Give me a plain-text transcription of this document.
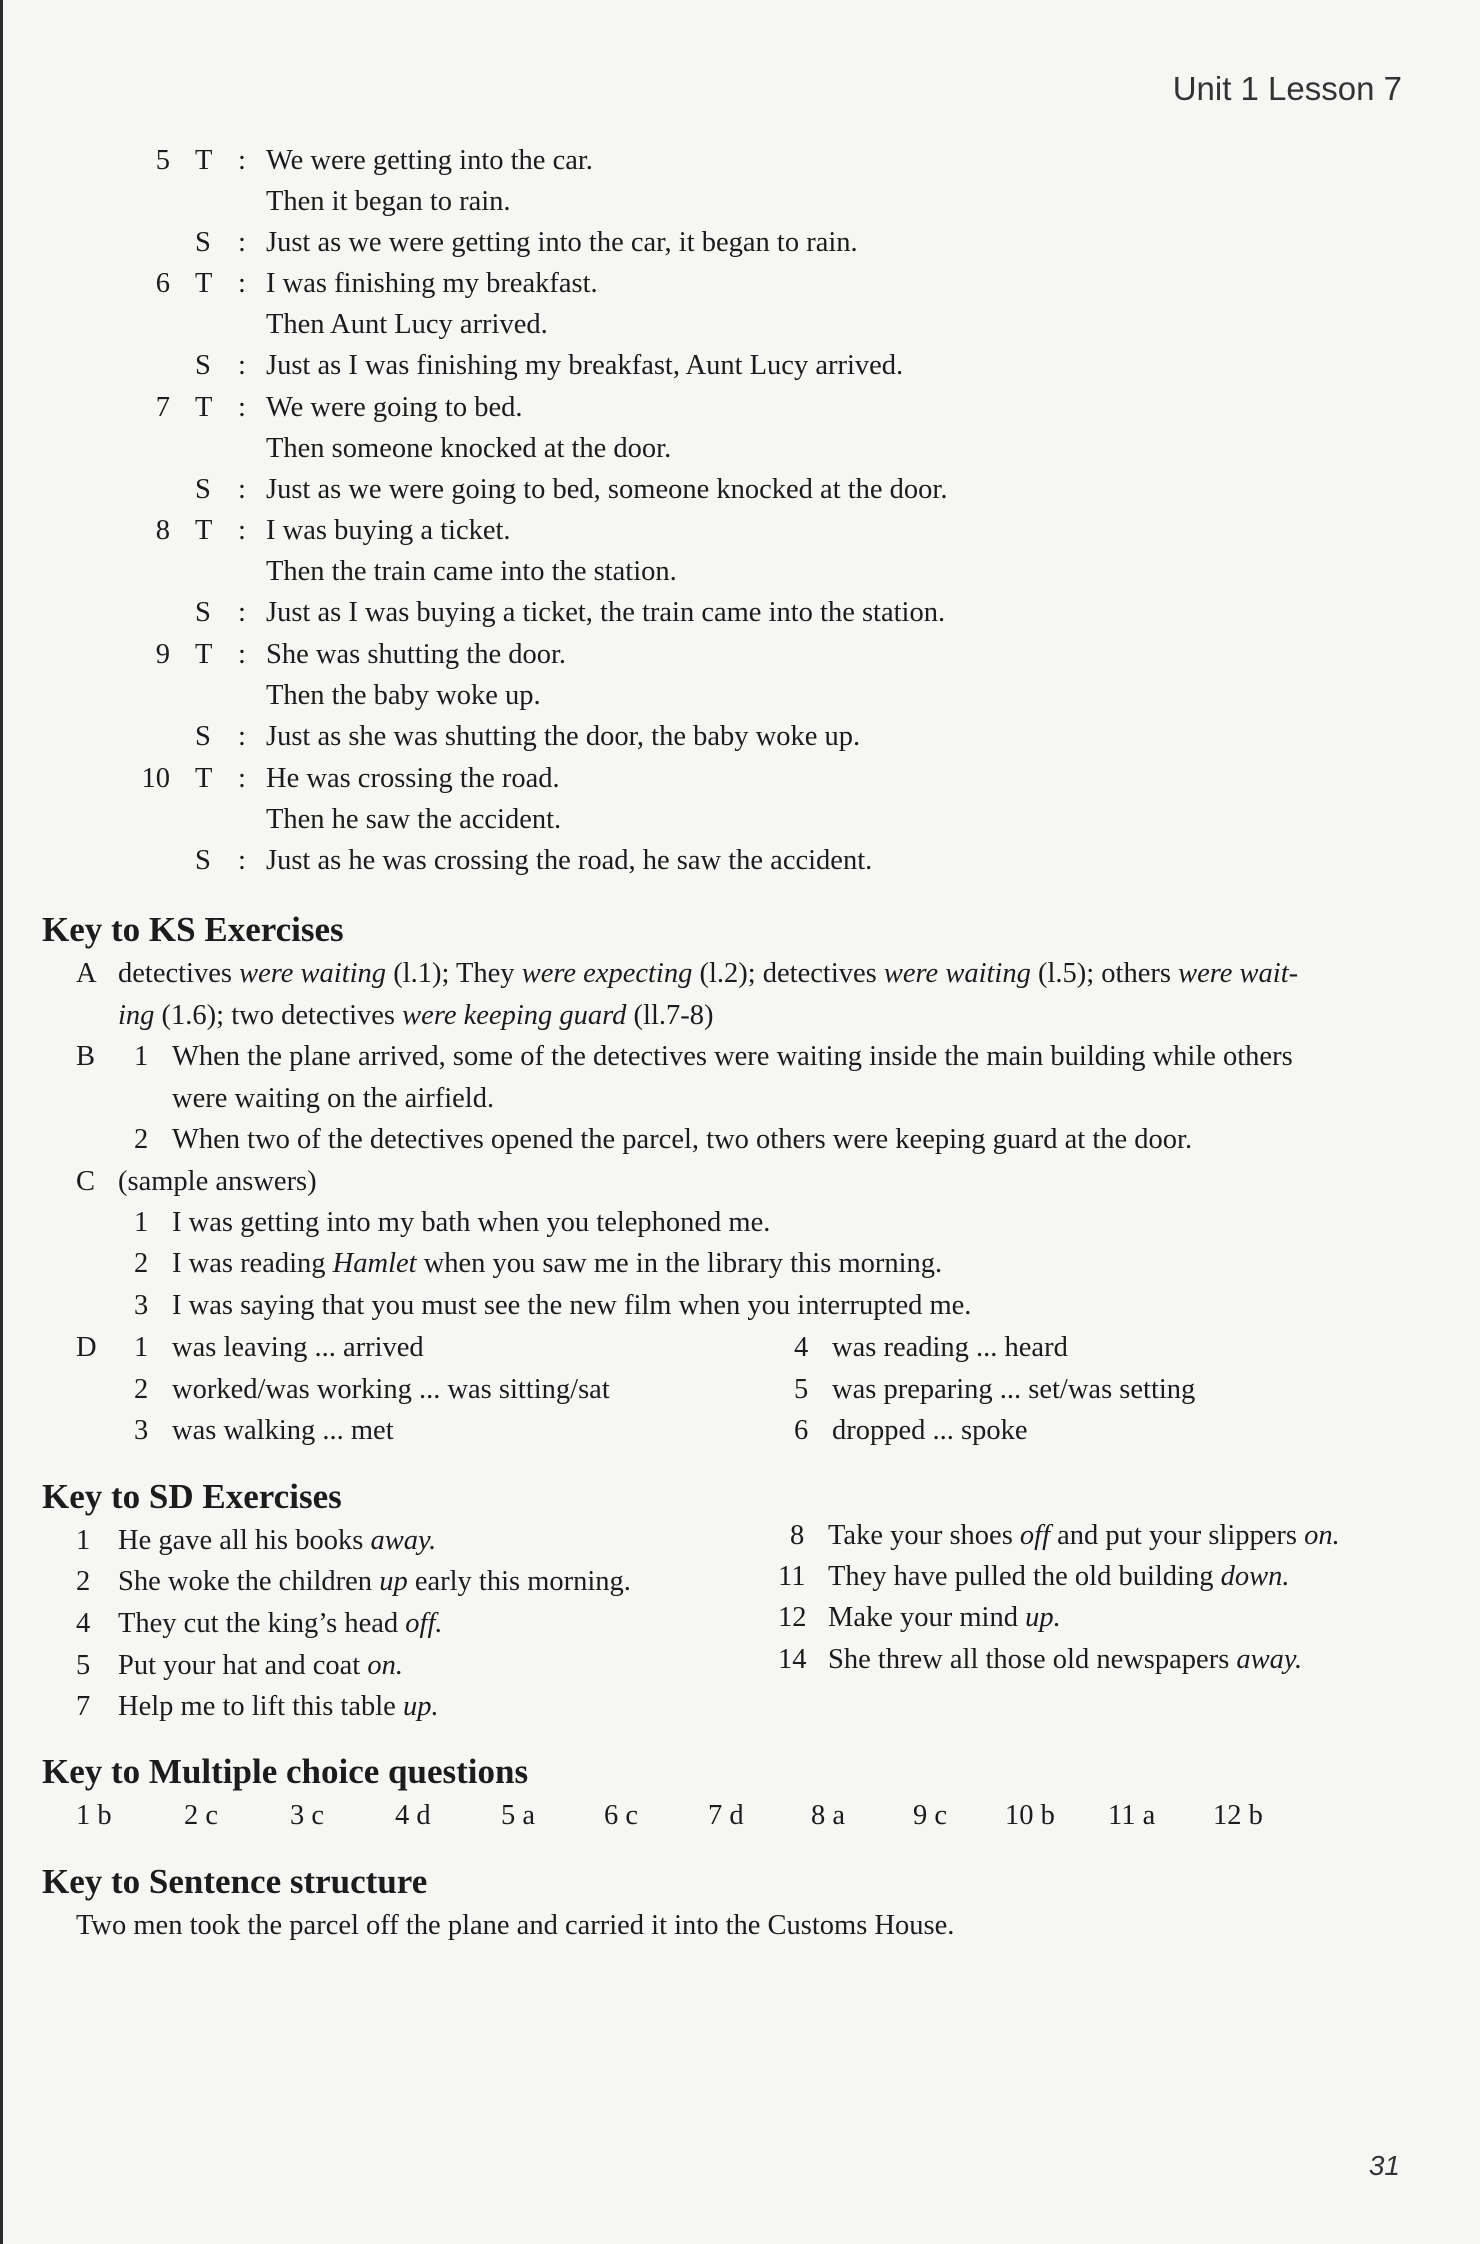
Unit 1 Lesson 7
5 T : We were getting into the car.
Then it began to rain.
S : Just as we were getting into the car, it began to rain.
6 T : I was finishing my breakfast.
Then Aunt Lucy arrived.
S : Just as I was finishing my breakfast, Aunt Lucy arrived.
7 T : We were going to bed.
Then someone knocked at the door.
S : Just as we were going to bed, someone knocked at the door.
8 T : I was buying a ticket.
Then the train came into the station.
S : Just as I was buying a ticket, the train came into the station.
9 T : She was shutting the door.
Then the baby woke up.
S : Just as she was shutting the door, the baby woke up.
10 T : He was crossing the road.
Then he saw the accident.
S : Just as he was crossing the road, he saw the accident.
Key to KS Exercises
A detectives were waiting (l.1); They were expecting (l.2); detectives were waiting (l.5); others were wait-
ing (1.6); two detectives were keeping guard (ll.7-8)
B 1 When the plane arrived, some of the detectives were waiting inside the main building while others
were waiting on the airfield.
2 When two of the detectives opened the parcel, two others were keeping guard at the door.
C (sample answers)
1 I was getting into my bath when you telephoned me.
2 I was reading Hamlet when you saw me in the library this morning.
3 I was saying that you must see the new film when you interrupted me.
D 1 was leaving ... arrived
2 worked/was working ... was sitting/sat
3 was walking ... met
4 was reading ... heard
5 was preparing ... set/was setting
6 dropped ... spoke
Key to SD Exercises
1 He gave all his books away.
2 She woke the children up early this morning.
4 They cut the king’s head off.
5 Put your hat and coat on.
7 Help me to lift this table up.
8 Take your shoes off and put your slippers on.
11 They have pulled the old building down.
12 Make your mind up.
14 She threw all those old newspapers away.
Key to Multiple choice questions
1 b	2 c	3 c 4 d 5 a 6 c 7 d 8 a 9 c 10 b 11 a 12 b
Key to Sentence structure
Two men took the parcel off the plane and carried it into the Customs House.
31
